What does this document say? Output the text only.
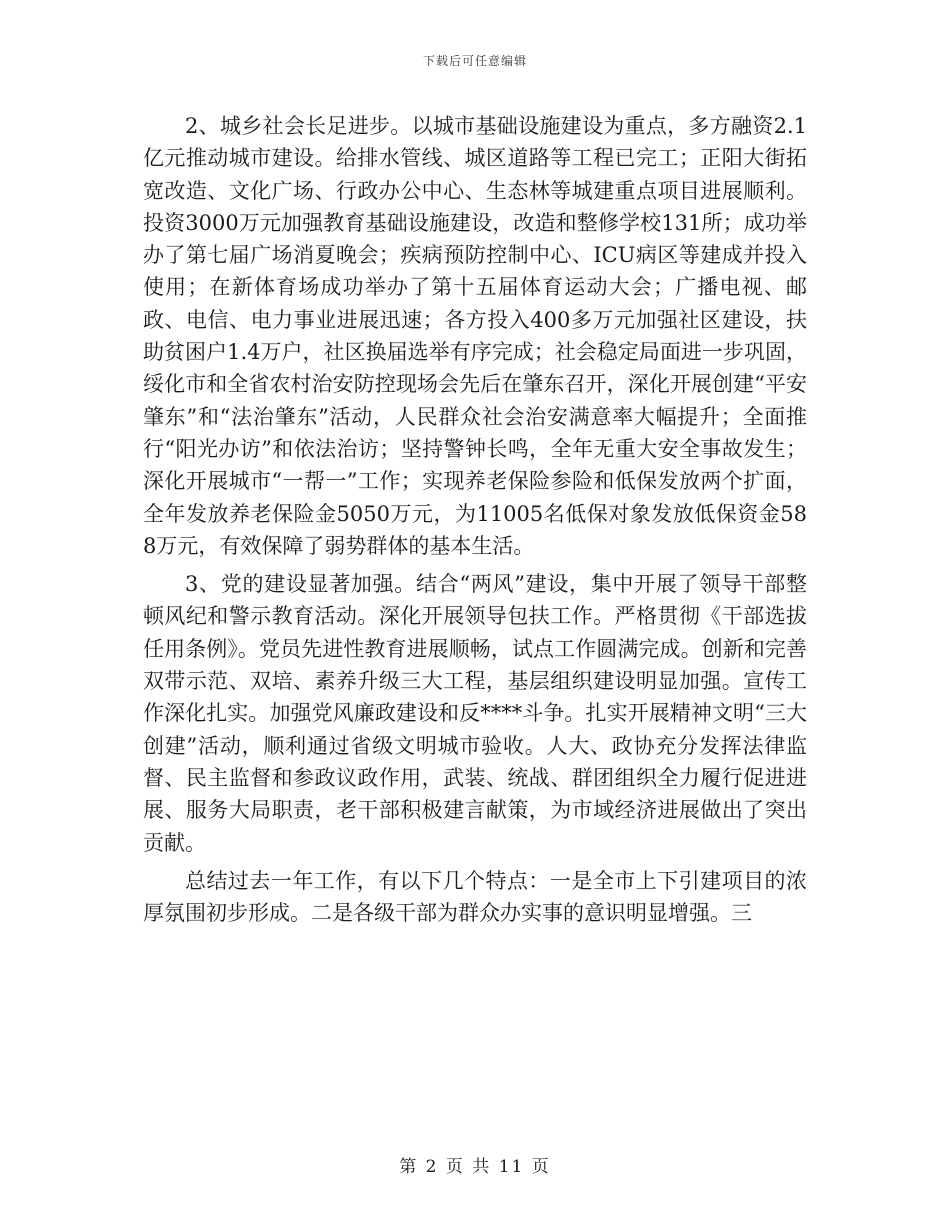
下载后可任意编辑

2、城乡社会长足进步。以城市基础设施建设为重点，多方融资2.1亿元推动城市建设。给排水管线、城区道路等工程已完工；正阳大街拓宽改造、文化广场、行政办公中心、生态林等城建重点项目进展顺利。投资3000万元加强教育基础设施建设，改造和整修学校131所；成功举办了第七届广场消夏晚会；疾病预防控制中心、ICU病区等建成并投入使用；在新体育场成功举办了第十五届体育运动大会；广播电视、邮政、电信、电力事业进展迅速；各方投入400多万元加强社区建设，扶助贫困户1.4万户，社区换届选举有序完成；社会稳定局面进一步巩固，绥化市和全省农村治安防控现场会先后在肇东召开，深化开展创建“平安肇东”和“法治肇东”活动，人民群众社会治安满意率大幅提升；全面推行“阳光办访”和依法治访；坚持警钟长鸣，全年无重大安全事故发生；深化开展城市“一帮一”工作；实现养老保险参险和低保发放两个扩面，全年发放养老保险金5050万元，为11005名低保对象发放低保资金588万元，有效保障了弱势群体的基本生活。

3、党的建设显著加强。结合“两风”建设，集中开展了领导干部整顿风纪和警示教育活动。深化开展领导包扶工作。严格贯彻《干部选拔任用条例》。党员先进性教育进展顺畅，试点工作圆满完成。创新和完善双带示范、双培、素养升级三大工程，基层组织建设明显加强。宣传工作深化扎实。加强党风廉政建设和反****斗争。扎实开展精神文明“三大创建”活动，顺利通过省级文明城市验收。人大、政协充分发挥法律监督、民主监督和参政议政作用，武装、统战、群团组织全力履行促进进展、服务大局职责，老干部积极建言献策，为市域经济进展做出了突出贡献。

总结过去一年工作，有以下几个特点：一是全市上下引建项目的浓厚氛围初步形成。二是各级干部为群众办实事的意识明显增强。三

第 2 页 共 11 页
